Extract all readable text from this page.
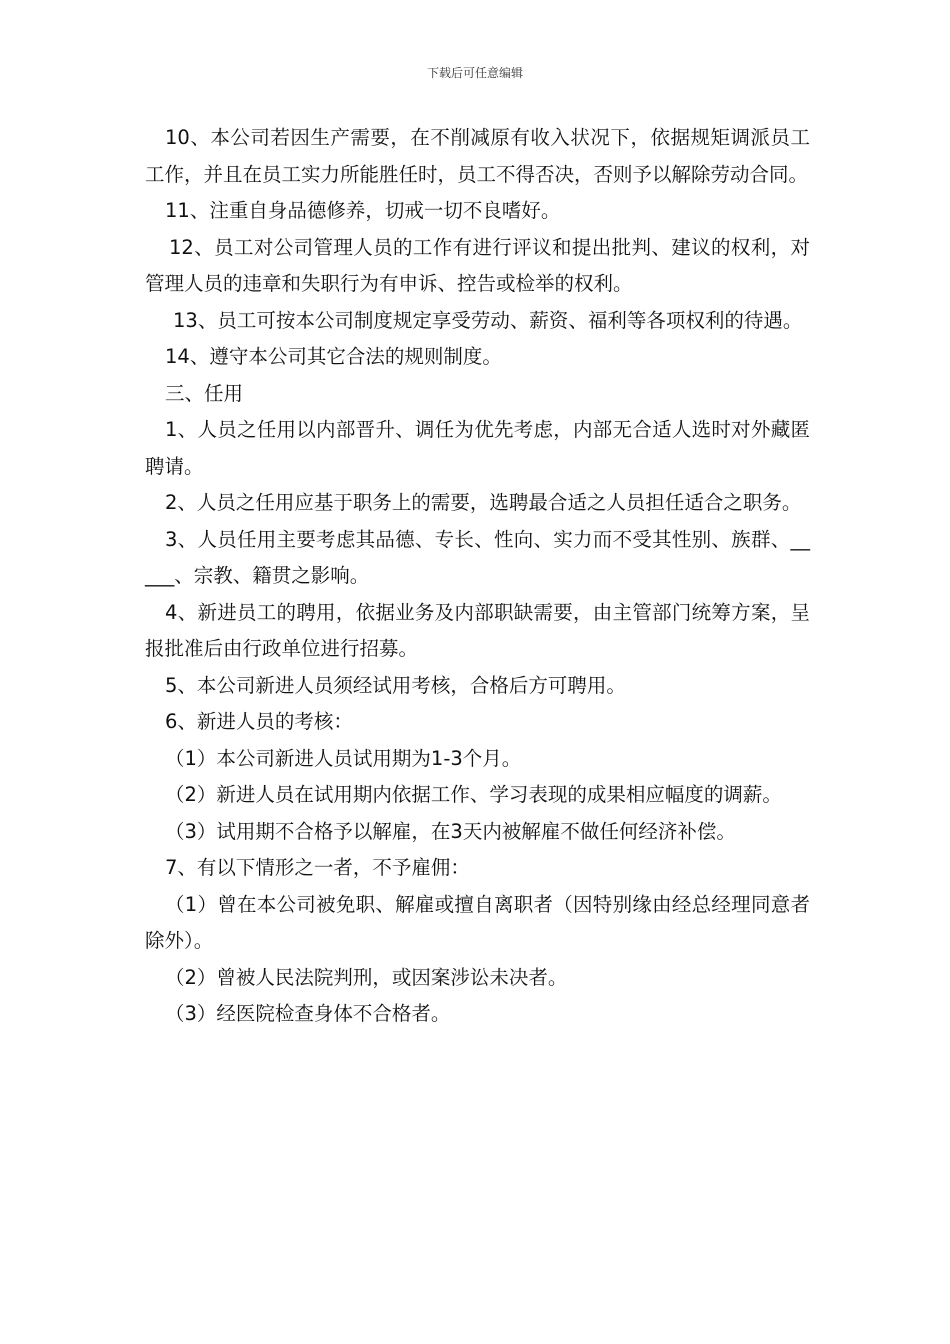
下载后可任意编辑

10、本公司若因生产需要，在不削减原有收入状况下，依据规矩调派员工工作，并且在员工实力所能胜任时，员工不得否决，否则予以解除劳动合同。

11、注重自身品德修养，切戒一切不良嗜好。

12、员工对公司管理人员的工作有进行评议和提出批判、建议的权利，对管理人员的违章和失职行为有申诉、控告或检举的权利。

13、员工可按本公司制度规定享受劳动、薪资、福利等各项权利的待遇。

14、遵守本公司其它合法的规则制度。

三、任用

1、人员之任用以内部晋升、调任为优先考虑，内部无合适人选时对外藏匿聘请。

2、人员之任用应基于职务上的需要，选聘最合适之人员担任适合之职务。

3、人员任用主要考虑其品德、专长、性向、实力而不受其性别、族群、_____、宗教、籍贯之影响。

4、新进员工的聘用，依据业务及内部职缺需要，由主管部门统筹方案，呈报批准后由行政单位进行招募。

5、本公司新进人员须经试用考核，合格后方可聘用。

6、新进人员的考核：

（1）本公司新进人员试用期为1-3个月。

（2）新进人员在试用期内依据工作、学习表现的成果相应幅度的调薪。

（3）试用期不合格予以解雇，在3天内被解雇不做任何经济补偿。

7、有以下情形之一者，不予雇佣：

（1）曾在本公司被免职、解雇或擅自离职者（因特别缘由经总经理同意者除外）。

（2）曾被人民法院判刑，或因案涉讼未决者。

（3）经医院检查身体不合格者。
